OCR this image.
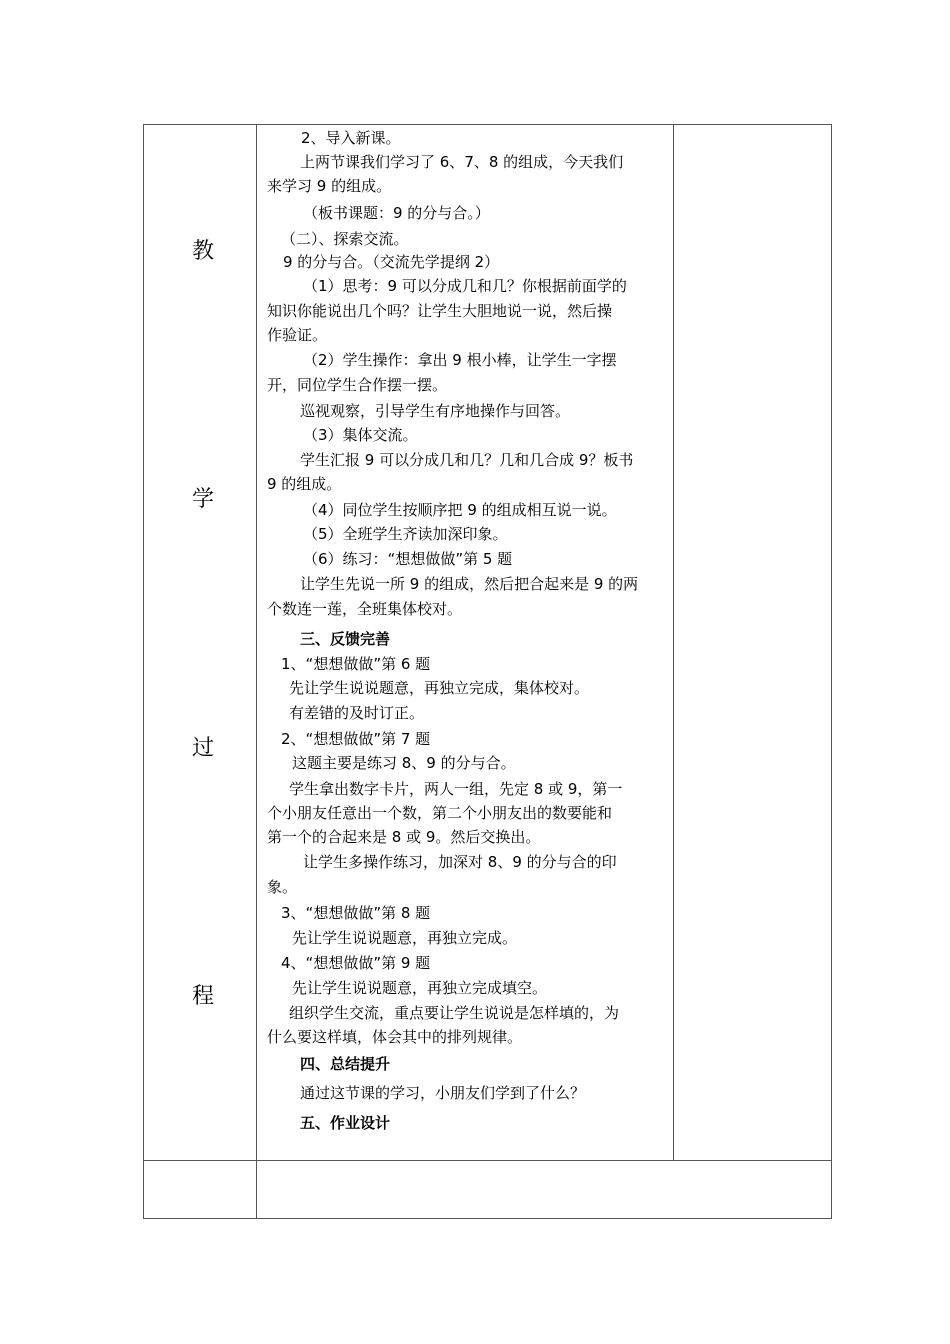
教
学
过
程
2、导入新课。
上两节课我们学习了 6、7、8 的组成，今天我们
来学习 9 的组成。
（板书课题：9 的分与合。）
（二）、探索交流。
9 的分与合。（交流先学提纲 2）
（1）思考：9 可以分成几和几？你根据前面学的
知识你能说出几个吗？让学生大胆地说一说，然后操
作验证。
（2）学生操作：拿出 9 根小棒，让学生一字摆
开，同位学生合作摆一摆。
巡视观察，引导学生有序地操作与回答。
（3）集体交流。
学生汇报 9 可以分成几和几？几和几合成 9？板书
9 的组成。
（4）同位学生按顺序把 9 的组成相互说一说。
（5）全班学生齐读加深印象。
（6）练习：“想想做做”第 5 题
让学生先说一所 9 的组成，然后把合起来是 9 的两
个数连一莲，全班集体校对。
三、反馈完善
1、“想想做做”第 6 题
先让学生说说题意，再独立完成，集体校对。
有差错的及时订正。
2、“想想做做”第 7 题
这题主要是练习 8、9 的分与合。
学生拿出数字卡片，两人一组，先定 8 或 9，第一
个小朋友任意出一个数，第二个小朋友出的数要能和
第一个的合起来是 8 或 9。然后交换出。
让学生多操作练习，加深对 8、9 的分与合的印
象。
3、“想想做做”第 8 题
先让学生说说题意，再独立完成。
4、“想想做做”第 9 题
先让学生说说题意，再独立完成填空。
组织学生交流，重点要让学生说说是怎样填的，为
什么要这样填，体会其中的排列规律。
四、总结提升
通过这节课的学习，小朋友们学到了什么？
五、作业设计
